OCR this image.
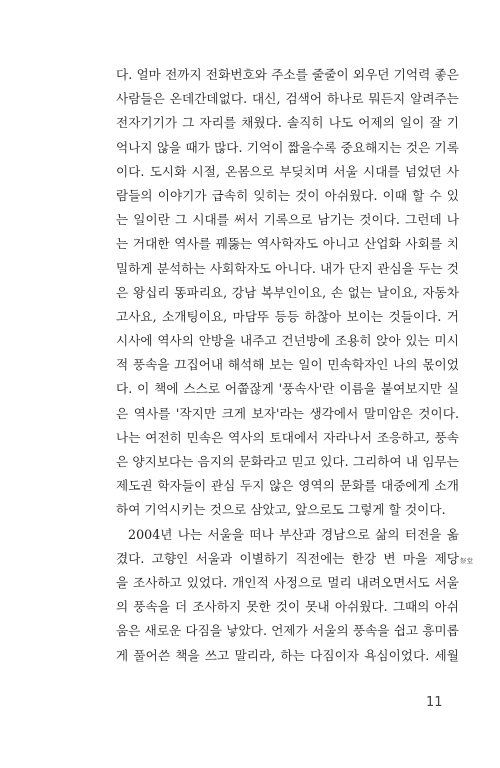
다. 얼마 전까지 전화번호와 주소를 줄줄이 외우던 기억력 좋은
사람들은 온데간데없다. 대신, 검색어 하나로 뭐든지 알려주는
전자기기가 그 자리를 채웠다. 솔직히 나도 어제의 일이 잘 기
억나지 않을 때가 많다. 기억이 짧을수록 중요해지는 것은 기록
이다. 도시화 시절, 온몸으로 부딪치며 서울 시대를 넘었던 사
람들의 이야기가 급속히 잊히는 것이 아쉬웠다. 이때 할 수 있
는 일이란 그 시대를 써서 기록으로 남기는 것이다. 그런데 나
는 거대한 역사를 꿰뚫는 역사학자도 아니고 산업화 사회를 치
밀하게 분석하는 사회학자도 아니다. 내가 단지 관심을 두는 것
은 왕십리 똥파리요, 강남 복부인이요, 손 없는 날이요, 자동차
고사요, 소개팅이요, 마담뚜 등등 하찮아 보이는 것들이다. 거
시사에 역사의 안방을 내주고 건넌방에 조용히 앉아 있는 미시
적 풍속을 끄집어내 해석해 보는 일이 민속학자인 나의 몫이었
다. 이 책에 스스로 어쭙잖게 '풍속사'란 이름을 붙여보지만 실
은 역사를 '작지만 크게 보자'라는 생각에서 말미암은 것이다.
나는 여전히 민속은 역사의 토대에서 자라나서 조응하고, 풍속
은 양지보다는 음지의 문화라고 믿고 있다. 그리하여 내 임무는
제도권 학자들이 관심 두지 않은 영역의 문화를 대중에게 소개
하여 기억시키는 것으로 삼았고, 앞으로도 그렇게 할 것이다.
2004년 나는 서울을 떠나 부산과 경남으로 삶의 터전을 옮
겼다. 고향인 서울과 이별하기 직전에는 한강 변 마을 제당 祭堂
을 조사하고 있었다. 개인적 사정으로 멀리 내려오면서도 서울
의 풍속을 더 조사하지 못한 것이 못내 아쉬웠다. 그때의 아쉬
움은 새로운 다짐을 낳았다. 언제가 서울의 풍속을 쉽고 흥미롭
게 풀어쓴 책을 쓰고 말리라, 하는 다짐이자 욕심이었다. 세월
11
